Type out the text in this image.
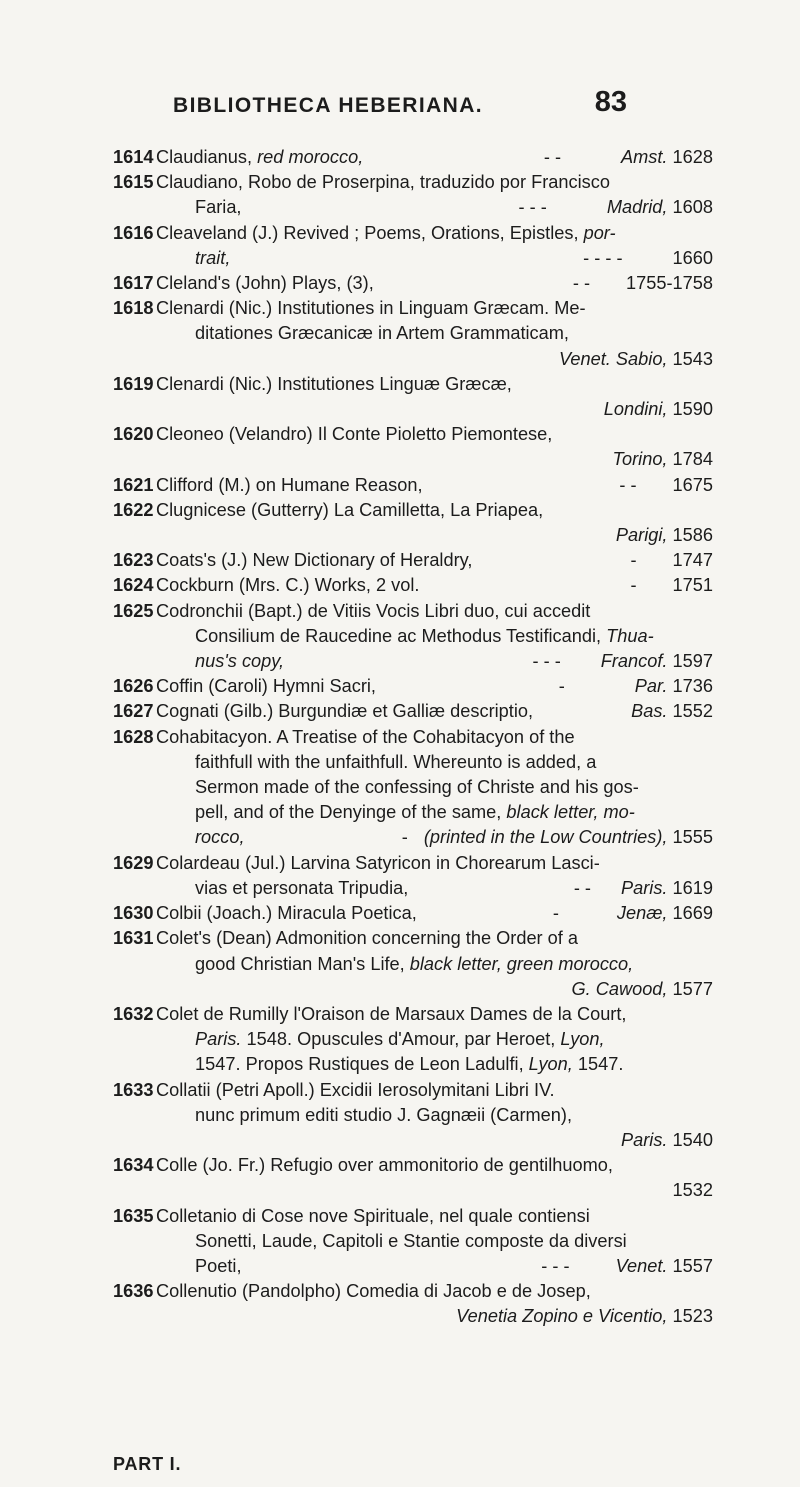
BIBLIOTHECA HEBERIANA.	83
1614 Claudianus, red morocco,	- -	Amst. 1628
1615 Claudiano, Robo de Proserpina, traduzido por Francisco
Faria,	- - -	Madrid, 1608
1616 Cleaveland (J.) Revived ; Poems, Orations, Epistles, por-
trait,	- - - -	1660
1617 Cleland's (John) Plays, (3),	- - 1755-1758
1618 Clenardi (Nic.) Institutiones in Linguam Græcam. Me-
ditationes Græcanicæ in Artem Grammaticam,
Venet. Sabio, 1543
1619 Clenardi (Nic.) Institutiones Linguæ Græcæ,
Londini, 1590
1620 Cleoneo (Velandro) Il Conte Pioletto Piemontese,
Torino, 1784
1621 Clifford (M.) on Humane Reason,	- - 1675
1622 Clugnicese (Gutterry) La Camilletta, La Priapea,
Parigi, 1586
1623 Coats's (J.) New Dictionary of Heraldry,	- 1747
1624 Cockburn (Mrs. C.) Works, 2 vol.	- 1751
1625 Codronchii (Bapt.) de Vitiis Vocis Libri duo, cui accedit
Consilium de Raucedine ac Methodus Testificandi, Thua-
nus's copy,	- - - Francof. 1597
1626 Coffin (Caroli) Hymni Sacri,	-	Par. 1736
1627 Cognati (Gilb.) Burgundiæ et Galliæ descriptio,	Bas. 1552
1628 Cohabitacyon. A Treatise of the Cohabitacyon of the
faithfull with the unfaithfull. Whereunto is added, a
Sermon made of the confessing of Christe and his gos-
pell, and of the Denyinge of the same, black letter, mo-
rocco,	- (printed in the Low Countries), 1555
1629 Colardeau (Jul.) Larvina Satyricon in Chorearum Lasci-
vias et personata Tripudia,	- - Paris. 1619
1630 Colbii (Joach.) Miracula Poetica,	-	Jenæ, 1669
1631 Colet's (Dean) Admonition concerning the Order of a
good Christian Man's Life, black letter, green morocco,
G. Cawood, 1577
1632 Colet de Rumilly l'Oraison de Marsaux Dames de la Court,
Paris. 1548. Opuscules d'Amour, par Heroet, Lyon,
1547. Propos Rustiques de Leon Ladulfi, Lyon, 1547.
1633 Collatii (Petri Apoll.) Excidii Ierosolymitani Libri IV.
nunc primum editi studio J. Gagnæii (Carmen),
Paris. 1540
1634 Colle (Jo. Fr.) Refugio over ammonitorio de gentilhuomo,
1532
1635 Colletanio di Cose nove Spirituale, nel quale contiensi
Sonetti, Laude, Capitoli e Stantie composte da diversi
Poeti,	- - -	Venet. 1557
1636 Collenutio (Pandolpho) Comedia di Jacob e de Josep,
Venetia Zopino e Vicentio, 1523
PART I.
